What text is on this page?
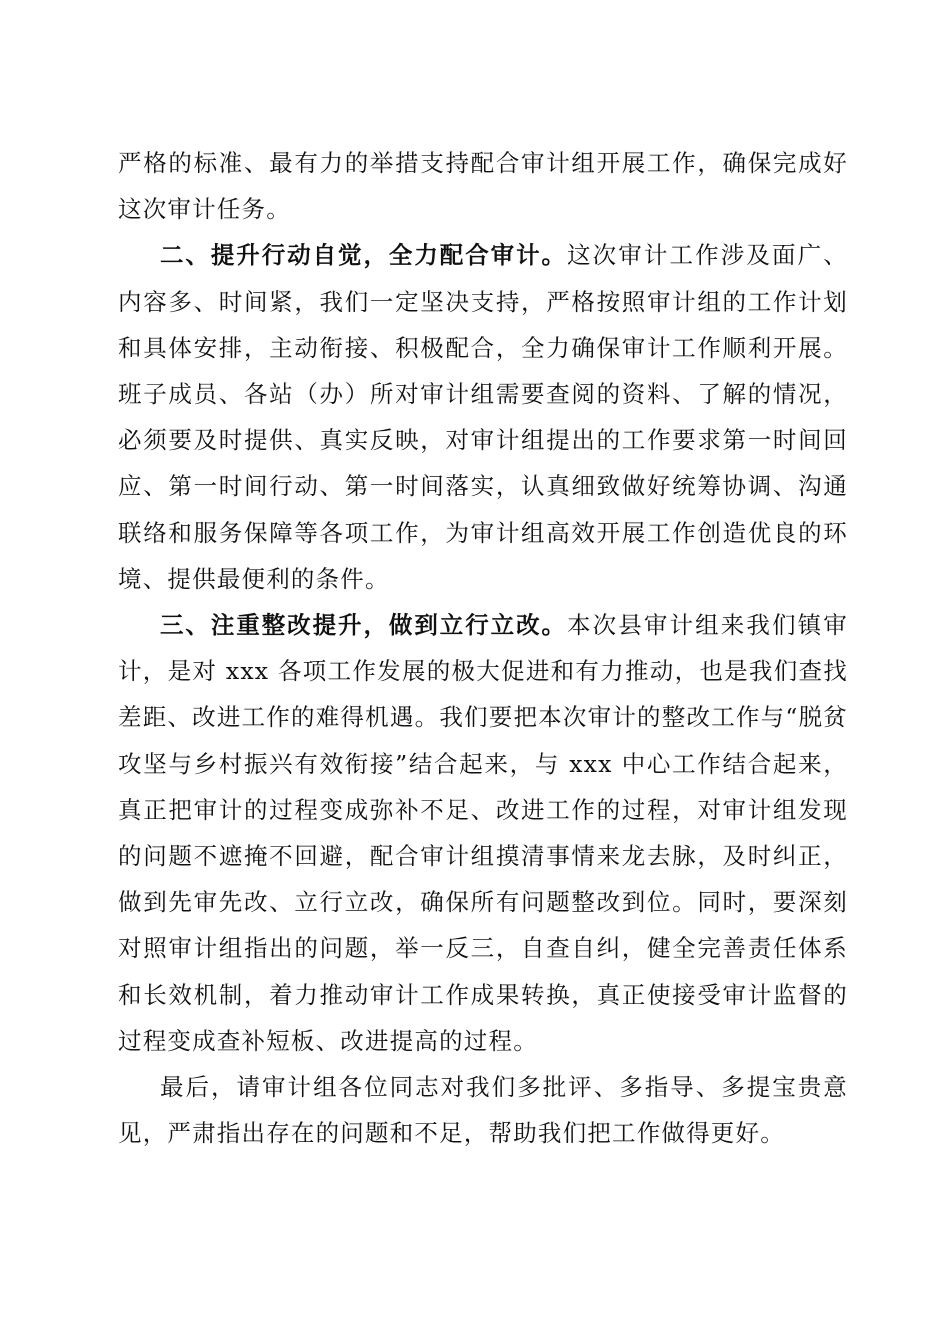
严格的标准、最有力的举措支持配合审计组开展工作，确保完成好这次审计任务。

二、提升行动自觉，全力配合审计。这次审计工作涉及面广、内容多、时间紧，我们一定坚决支持，严格按照审计组的工作计划和具体安排，主动衔接、积极配合，全力确保审计工作顺利开展。班子成员、各站（办）所对审计组需要查阅的资料、了解的情况，必须要及时提供、真实反映，对审计组提出的工作要求第一时间回应、第一时间行动、第一时间落实，认真细致做好统筹协调、沟通联络和服务保障等各项工作，为审计组高效开展工作创造优良的环境、提供最便利的条件。

三、注重整改提升，做到立行立改。本次县审计组来我们镇审计，是对 xxx 各项工作发展的极大促进和有力推动，也是我们查找差距、改进工作的难得机遇。我们要把本次审计的整改工作与“脱贫攻坚与乡村振兴有效衔接”结合起来，与 xxx 中心工作结合起来，真正把审计的过程变成弥补不足、改进工作的过程，对审计组发现的问题不遮掩不回避，配合审计组摸清事情来龙去脉，及时纠正，做到先审先改、立行立改，确保所有问题整改到位。同时，要深刻对照审计组指出的问题，举一反三，自查自纠，健全完善责任体系和长效机制，着力推动审计工作成果转换，真正使接受审计监督的过程变成查补短板、改进提高的过程。

最后，请审计组各位同志对我们多批评、多指导、多提宝贵意见，严肃指出存在的问题和不足，帮助我们把工作做得更好。
